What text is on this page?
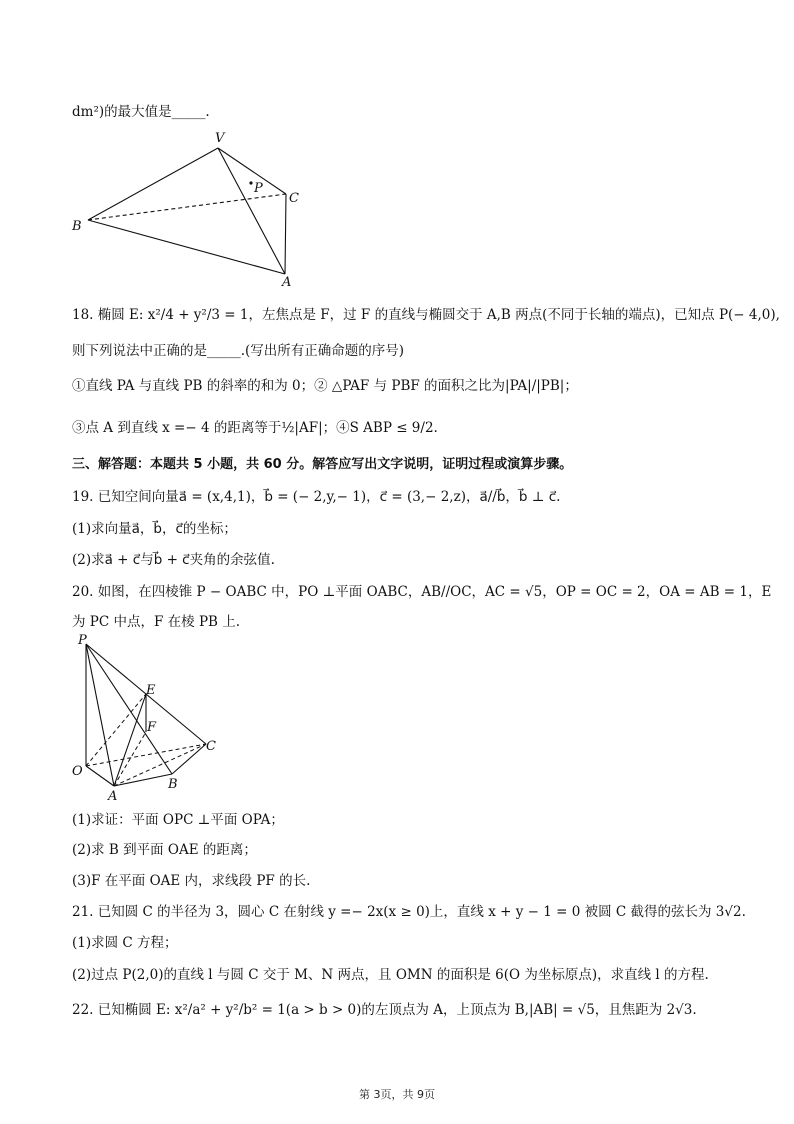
dm²)的最大值是_____.
V
P
C
B
A
18. 椭圆 E: x²/4 + y²/3 = 1，左焦点是 F，过 F 的直线与椭圆交于 A,B 两点(不同于长轴的端点)，已知点 P(− 4,0),
则下列说法中正确的是_____.(写出所有正确命题的序号)
①直线 PA 与直线 PB 的斜率的和为 0；② △PAF 与 PBF 的面积之比为|PA|/|PB|；
③点 A 到直线 x =− 4 的距离等于½|AF|；④S ABP ≤ 9/2.
三、解答题：本题共 5 小题，共 60 分。解答应写出文字说明，证明过程或演算步骤。
19. 已知空间向量a⃗ = (x,4,1)，b⃗ = (− 2,y,− 1)，c⃗ = (3,− 2,z)，a⃗//b⃗，b⃗ ⊥ c⃗.
(1)求向量a⃗，b⃗，c⃗的坐标；
(2)求a⃗ + c⃗与b⃗ + c⃗夹角的余弦值.
20. 如图，在四棱锥 P − OABC 中，PO ⊥平面 OABC，AB//OC，AC = √5，OP = OC = 2，OA = AB = 1，E
为 PC 中点，F 在棱 PB 上.
P
E
F
C
O
A
B
(1)求证：平面 OPC ⊥平面 OPA；
(2)求 B 到平面 OAE 的距离；
(3)F 在平面 OAE 内，求线段 PF 的长.
21. 已知圆 C 的半径为 3，圆心 C 在射线 y =− 2x(x ≥ 0)上，直线 x + y − 1 = 0 被圆 C 截得的弦长为 3√2.
(1)求圆 C 方程；
(2)过点 P(2,0)的直线 l 与圆 C 交于 M、N 两点，且 OMN 的面积是 6(O 为坐标原点)，求直线 l 的方程.
22. 已知椭圆 E: x²/a² + y²/b² = 1(a > b > 0)的左顶点为 A，上顶点为 B,|AB| = √5，且焦距为 2√3.
第 3页，共 9页
